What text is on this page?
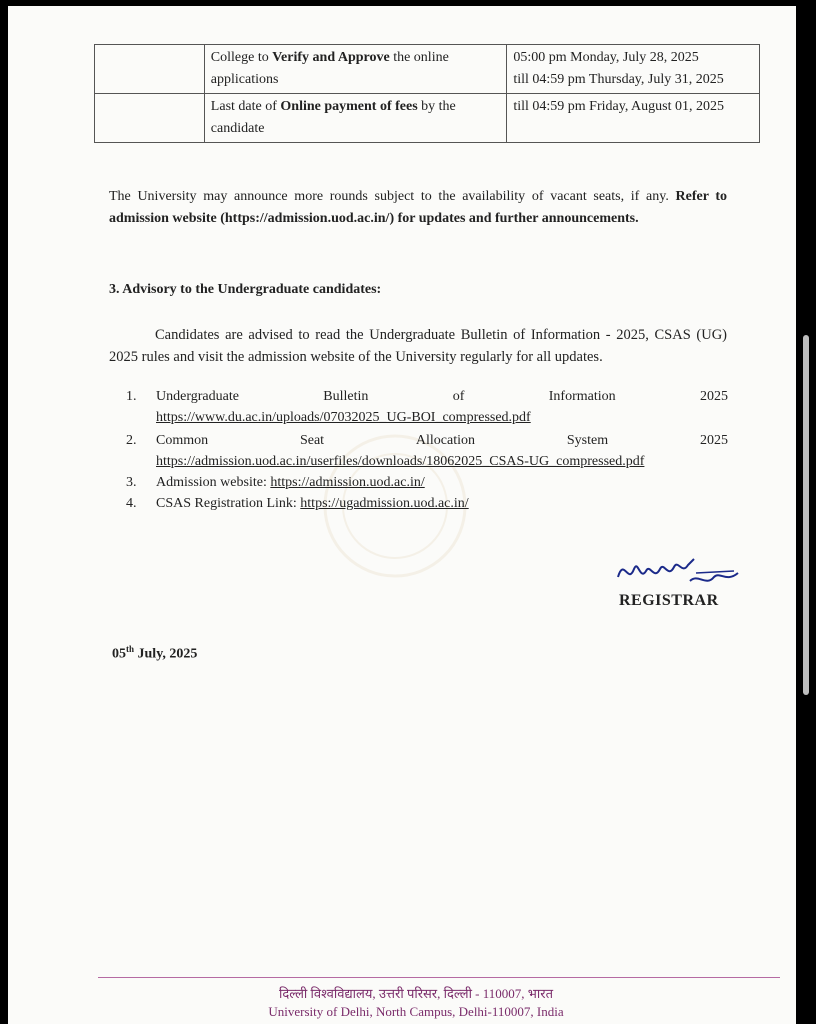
	College to Verify and Approve the online applications	05:00 pm Monday, July 28, 2025
till 04:59 pm Thursday, July 31, 2025

	Last date of Online payment of fees by the candidate	till 04:59 pm Friday, August 01, 2025
The University may announce more rounds subject to the availability of vacant seats, if any. Refer to admission website (https://admission.uod.ac.in/) for updates and further announcements.
3. Advisory to the Undergraduate candidates:
Candidates are advised to read the Undergraduate Bulletin of Information - 2025, CSAS (UG) 2025 rules and visit the admission website of the University regularly for all updates.
1.	Undergraduate	Bulletin	of	Information	2025
https://www.du.ac.in/uploads/07032025_UG-BOI_compressed.pdf
2.	Common	Seat	Allocation	System	2025
https://admission.uod.ac.in/userfiles/downloads/18062025_CSAS-UG_compressed.pdf
3.	Admission website: https://admission.uod.ac.in/
4.	CSAS Registration Link: https://ugadmission.uod.ac.in/
REGISTRAR
05th July, 2025
दिल्ली विश्वविद्यालय, उत्तरी परिसर, दिल्ली - 110007, भारत
University of Delhi, North Campus, Delhi-110007, India
